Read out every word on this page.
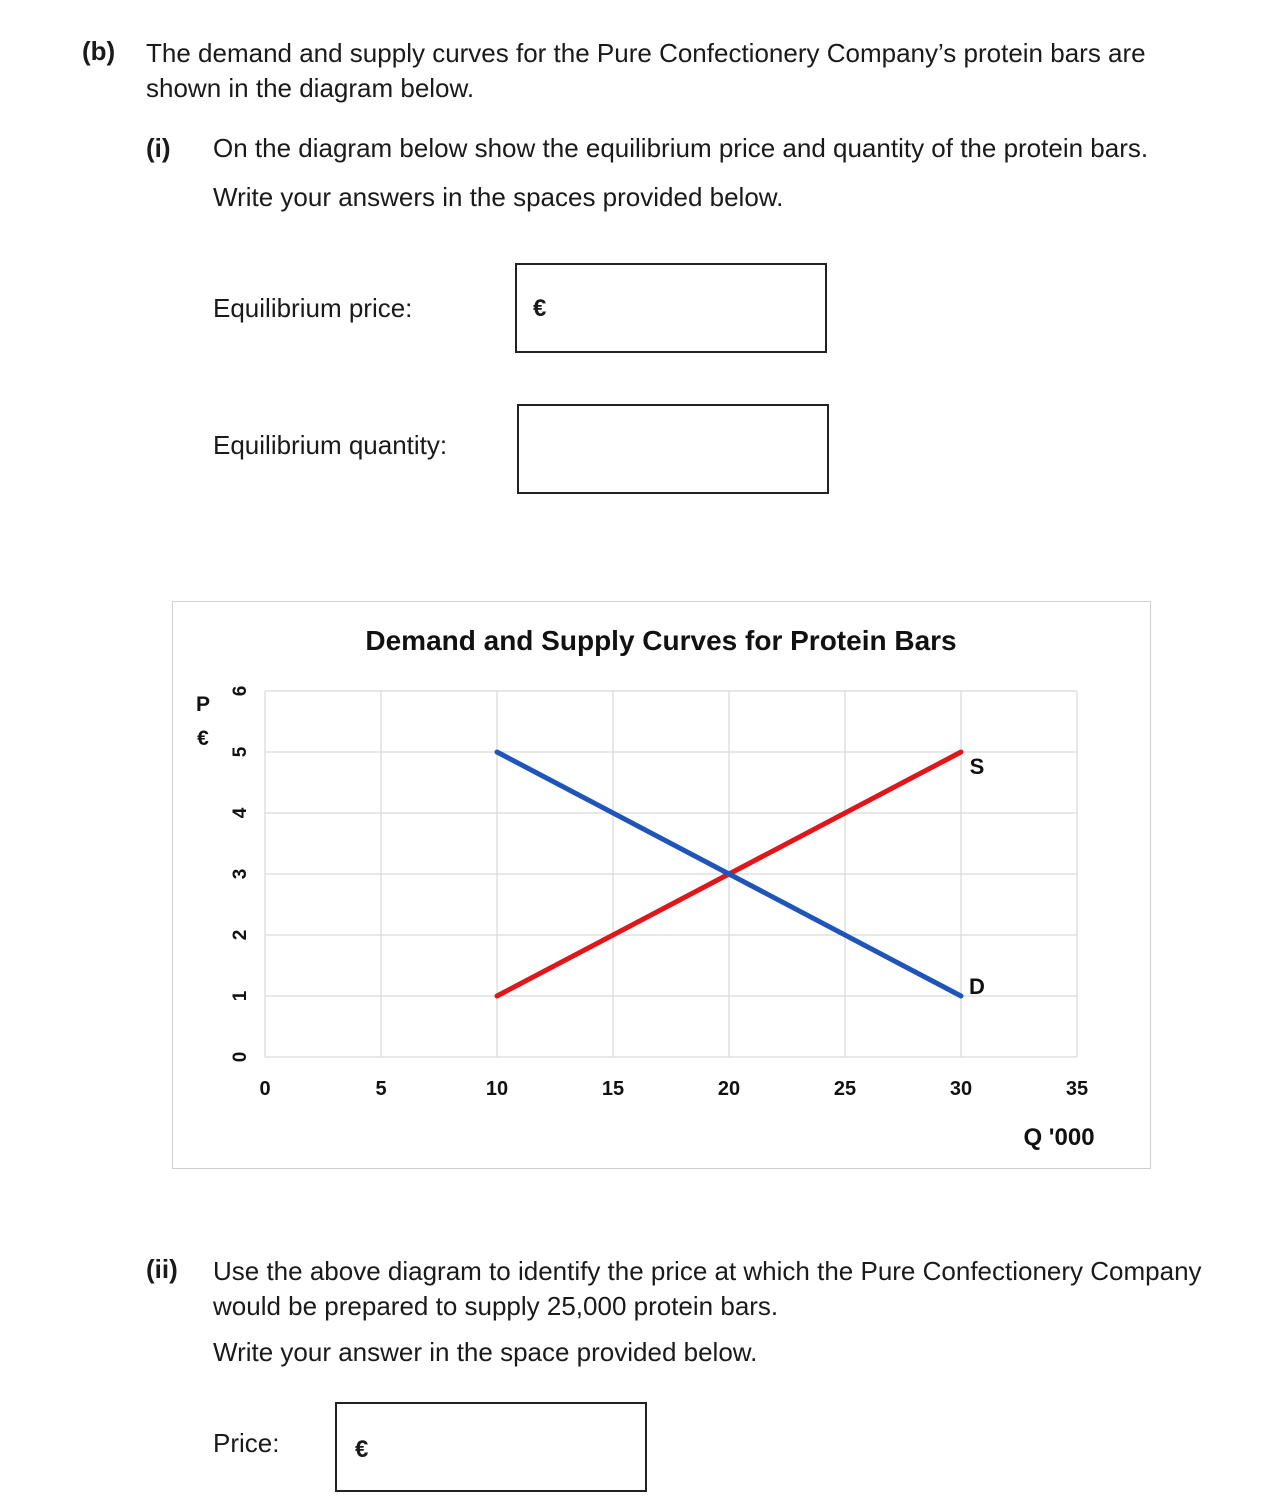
(b) The demand and supply curves for the Pure Confectionery Company’s protein bars are
shown in the diagram below.
(i) On the diagram below show the equilibrium price and quantity of the protein bars.
Write your answers in the spaces provided below.
Equilibrium price:	€
Equilibrium quantity:
Demand and Supply Curves for Protein Bars
P
€
Q '000
0
1
2
3
4
5
6
0	5	10	15	20	25	30	35
S
D
(ii) Use the above diagram to identify the price at which the Pure Confectionery Company
would be prepared to supply 25,000 protein bars.
Write your answer in the space provided below.
Price:	€
